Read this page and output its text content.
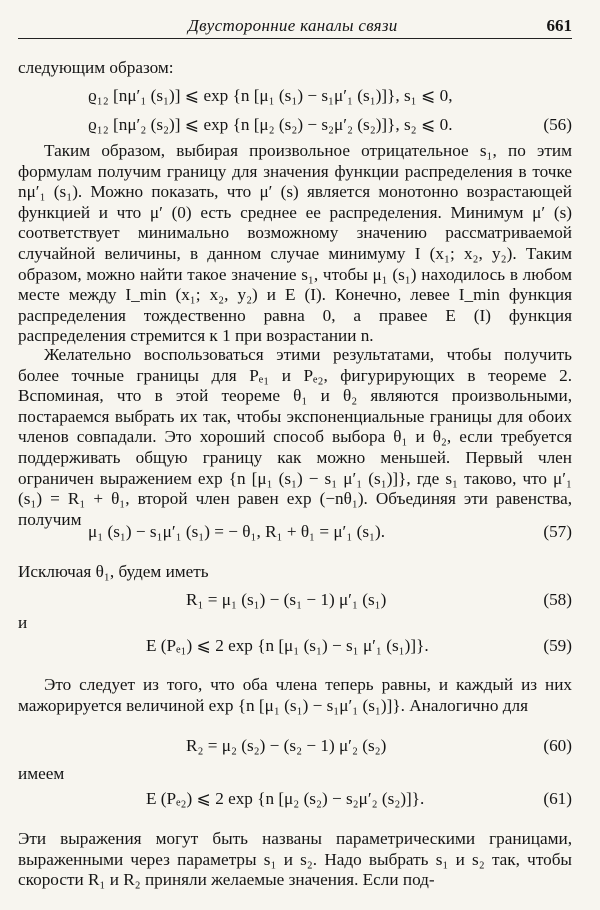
Двусторонние каналы связи	661
следующим образом:
ϱ₁₂ [nμ′₁ (s₁)] ⩽ exp {n [μ₁ (s₁) − s₁μ′₁ (s₁)]}, s₁ ⩽ 0,
ϱ₁₂ [nμ′₂ (s₂)] ⩽ exp {n [μ₂ (s₂) − s₂μ′₂ (s₂)]}, s₂ ⩽ 0.	(56)
Таким образом, выбирая произвольное отрицательное s₁, по этим формулам получим границу для значения функции распределения в точке nμ′₁ (s₁). Можно показать, что μ′ (s) является монотонно возрастающей функцией и что μ′ (0) есть среднее ее распределения. Минимум μ′ (s) соответствует минимально возможному значению рассматриваемой случайной величины, в данном случае минимуму I (x₁; x₂, y₂). Таким образом, можно найти такое значение s₁, чтобы μ₁ (s₁) находилось в любом месте между I_min (x₁; x₂, y₂) и E (I). Конечно, левее I_min функция распределения тождественно равна 0, а правее E (I) функция распределения стремится к 1 при возрастании n.
Желательно воспользоваться этими результатами, чтобы получить более точные границы для Pₑ₁ и Pₑ₂, фигурирующих в теореме 2. Вспоминая, что в этой теореме θ₁ и θ₂ являются произвольными, постараемся выбрать их так, чтобы экспоненциальные границы для обоих членов совпадали. Это хороший способ выбора θ₁ и θ₂, если требуется поддерживать общую границу как можно меньшей. Первый член ограничен выражением exp {n [μ₁ (s₁) − s₁ μ′₁ (s₁)]}, где s₁ таково, что μ′₁ (s₁) = R₁ + θ₁, второй член равен exp (−nθ₁). Объединяя эти равенства, получим
μ₁ (s₁) − s₁μ′₁ (s₁) = − θ₁, R₁ + θ₁ = μ′₁ (s₁).	(57)
Исключая θ₁, будем иметь
R₁ = μ₁ (s₁) − (s₁ − 1) μ′₁ (s₁)	(58)
и
E (Pₑ₁) ⩽ 2 exp {n [μ₁ (s₁) − s₁ μ′₁ (s₁)]}.	(59)
Это следует из того, что оба члена теперь равны, и каждый из них мажорируется величиной exp {n [μ₁ (s₁) − s₁μ′₁ (s₁)]}. Аналогично для
R₂ = μ₂ (s₂) − (s₂ − 1) μ′₂ (s₂)	(60)
имеем
E (Pₑ₂) ⩽ 2 exp {n [μ₂ (s₂) − s₂μ′₂ (s₂)]}.	(61)
Эти выражения могут быть названы параметрическими границами, выраженными через параметры s₁ и s₂. Надо выбрать s₁ и s₂ так, чтобы скорости R₁ и R₂ приняли желаемые значения. Если под-
